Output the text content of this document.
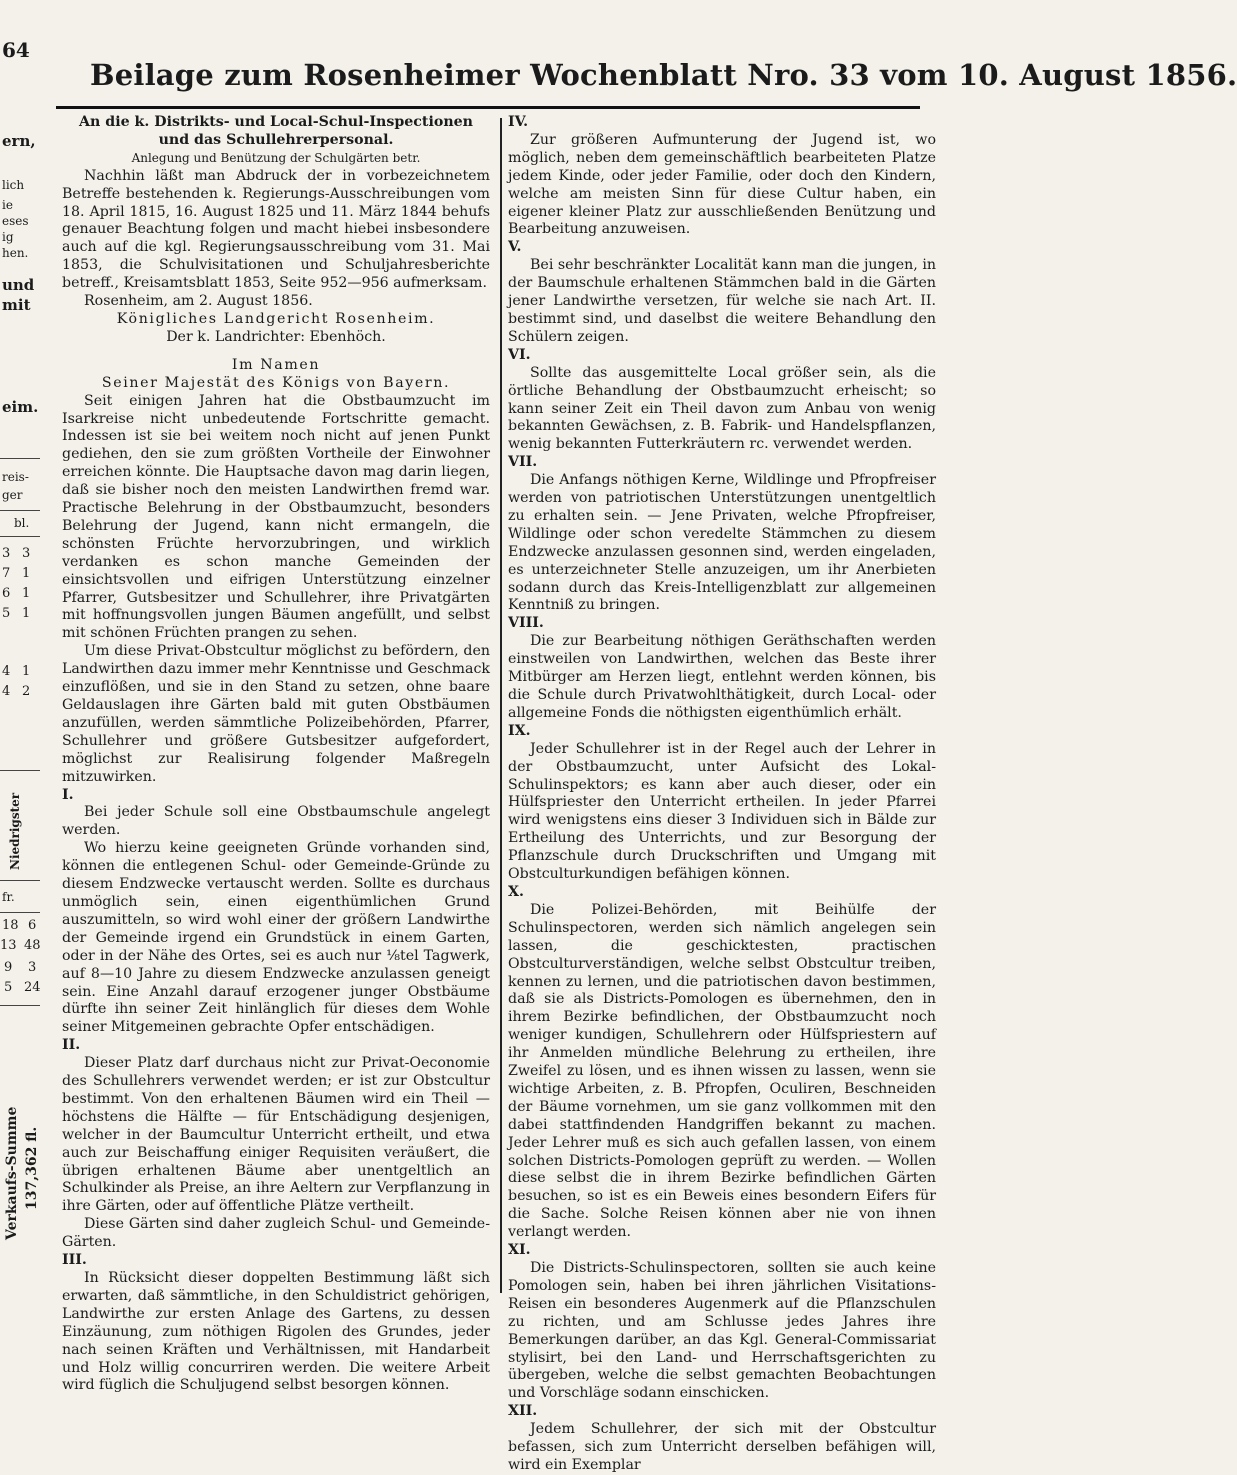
64
ern,
lich
ie
eses
ig
hen.
und
mit
eim.
reis-
ger
bl.
3 3
7 1
6 1
5 1
4 1
4 2
Niedrigster
fr.
18 6
13 48
9 3
5 24
Verkaufs-Summe 137,362 fl.
Beilage zum Rosenheimer Wochenblatt Nro. 33 vom 10. August 1856.

An die k. Distrikts- und Local-Schul-Inspectionen und das Schullehrerpersonal.

Anlegung und Benützung der Schulgärten betr.

Nachhin läßt man Abdruck der in vorbezeichnetem Betreffe bestehenden k. Regierungs-Ausschreibungen vom 18. April 1815, 16. August 1825 und 11. März 1844 behufs genauer Beachtung folgen und macht hiebei insbesondere auch auf die kgl. Regierungsausschreibung vom 31. Mai 1853, die Schulvisitationen und Schuljahresberichte betreff., Kreisamtsblatt 1853, Seite 952—956 aufmerksam.

Rosenheim, am 2. August 1856.

Königliches Landgericht Rosenheim.

Der k. Landrichter: Ebenhöch.

Im Namen

Seiner Majestät des Königs von Bayern.

Seit einigen Jahren hat die Obstbaumzucht im Isarkreise nicht unbedeutende Fortschritte gemacht. Indessen ist sie bei weitem noch nicht auf jenen Punkt gediehen, den sie zum größten Vortheile der Einwohner erreichen könnte. Die Hauptsache davon mag darin liegen, daß sie bisher noch den meisten Landwirthen fremd war. Practische Belehrung in der Obstbaumzucht, besonders Belehrung der Jugend, kann nicht ermangeln, die schönsten Früchte hervorzubringen, und wirklich verdanken es schon manche Gemeinden der einsichtsvollen und eifrigen Unterstützung einzelner Pfarrer, Gutsbesitzer und Schullehrer, ihre Privatgärten mit hoffnungsvollen jungen Bäumen angefüllt, und selbst mit schönen Früchten prangen zu sehen.

Um diese Privat-Obstcultur möglichst zu befördern, den Landwirthen dazu immer mehr Kenntnisse und Geschmack einzuflößen, und sie in den Stand zu setzen, ohne baare Geldauslagen ihre Gärten bald mit guten Obstbäumen anzufüllen, werden sämmtliche Polizeibehörden, Pfarrer, Schullehrer und größere Gutsbesitzer aufgefordert, möglichst zur Realisirung folgender Maßregeln mitzuwirken.

I.

Bei jeder Schule soll eine Obstbaumschule angelegt werden.

Wo hierzu keine geeigneten Gründe vorhanden sind, können die entlegenen Schul- oder Gemeinde-Gründe zu diesem Endzwecke vertauscht werden. Sollte es durchaus unmöglich sein, einen eigenthümlichen Grund auszumitteln, so wird wohl einer der größern Landwirthe der Gemeinde irgend ein Grundstück in einem Garten, oder in der Nähe des Ortes, sei es auch nur ⅛tel Tagwerk, auf 8—10 Jahre zu diesem Endzwecke anzulassen geneigt sein. Eine Anzahl darauf erzogener junger Obstbäume dürfte ihn seiner Zeit hinlänglich für dieses dem Wohle seiner Mitgemeinen gebrachte Opfer entschädigen.

II.

Dieser Platz darf durchaus nicht zur Privat-Oeconomie des Schullehrers verwendet werden; er ist zur Obstcultur bestimmt. Von den erhaltenen Bäumen wird ein Theil — höchstens die Hälfte — für Entschädigung desjenigen, welcher in der Baumcultur Unterricht ertheilt, und etwa auch zur Beischaffung einiger Requisiten veräußert, die übrigen erhaltenen Bäume aber unentgeltlich an Schulkinder als Preise, an ihre Aeltern zur Verpflanzung in ihre Gärten, oder auf öffentliche Plätze vertheilt.

Diese Gärten sind daher zugleich Schul- und Gemeinde-Gärten.

III.

In Rücksicht dieser doppelten Bestimmung läßt sich erwarten, daß sämmtliche, in den Schuldistrict gehörigen, Landwirthe zur ersten Anlage des Gartens, zu dessen Einzäunung, zum nöthigen Rigolen des Grundes, jeder nach seinen Kräften und Verhältnissen, mit Handarbeit und Holz willig concurriren werden. Die weitere Arbeit wird füglich die Schuljugend selbst besorgen können.

IV.

Zur größeren Aufmunterung der Jugend ist, wo möglich, neben dem gemeinschäftlich bearbeiteten Platze jedem Kinde, oder jeder Familie, oder doch den Kindern, welche am meisten Sinn für diese Cultur haben, ein eigener kleiner Platz zur ausschließenden Benützung und Bearbeitung anzuweisen.

V.

Bei sehr beschränkter Localität kann man die jungen, in der Baumschule erhaltenen Stämmchen bald in die Gärten jener Landwirthe versetzen, für welche sie nach Art. II. bestimmt sind, und daselbst die weitere Behandlung den Schülern zeigen.

VI.

Sollte das ausgemittelte Local größer sein, als die örtliche Behandlung der Obstbaumzucht erheischt; so kann seiner Zeit ein Theil davon zum Anbau von wenig bekannten Gewächsen, z. B. Fabrik- und Handelspflanzen, wenig bekannten Futterkräutern rc. verwendet werden.

VII.

Die Anfangs nöthigen Kerne, Wildlinge und Pfropfreiser werden von patriotischen Unterstützungen unentgeltlich zu erhalten sein. — Jene Privaten, welche Pfropfreiser, Wildlinge oder schon veredelte Stämmchen zu diesem Endzwecke anzulassen gesonnen sind, werden eingeladen, es unterzeichneter Stelle anzuzeigen, um ihr Anerbieten sodann durch das Kreis-Intelligenzblatt zur allgemeinen Kenntniß zu bringen.

VIII.

Die zur Bearbeitung nöthigen Geräthschaften werden einstweilen von Landwirthen, welchen das Beste ihrer Mitbürger am Herzen liegt, entlehnt werden können, bis die Schule durch Privatwohlthätigkeit, durch Local- oder allgemeine Fonds die nöthigsten eigenthümlich erhält.

IX.

Jeder Schullehrer ist in der Regel auch der Lehrer in der Obstbaumzucht, unter Aufsicht des Lokal-Schulinspektors; es kann aber auch dieser, oder ein Hülfspriester den Unterricht ertheilen. In jeder Pfarrei wird wenigstens eins dieser 3 Individuen sich in Bälde zur Ertheilung des Unterrichts, und zur Besorgung der Pflanzschule durch Druckschriften und Umgang mit Obstculturkundigen befähigen können.

X.

Die Polizei-Behörden, mit Beihülfe der Schulinspectoren, werden sich nämlich angelegen sein lassen, die geschicktesten, practischen Obstculturverständigen, welche selbst Obstcultur treiben, kennen zu lernen, und die patriotischen davon bestimmen, daß sie als Districts-Pomologen es übernehmen, den in ihrem Bezirke befindlichen, der Obstbaumzucht noch weniger kundigen, Schullehrern oder Hülfspriestern auf ihr Anmelden mündliche Belehrung zu ertheilen, ihre Zweifel zu lösen, und es ihnen wissen zu lassen, wenn sie wichtige Arbeiten, z. B. Pfropfen, Oculiren, Beschneiden der Bäume vornehmen, um sie ganz vollkommen mit den dabei stattfindenden Handgriffen bekannt zu machen. Jeder Lehrer muß es sich auch gefallen lassen, von einem solchen Districts-Pomologen geprüft zu werden. — Wollen diese selbst die in ihrem Bezirke befindlichen Gärten besuchen, so ist es ein Beweis eines besondern Eifers für die Sache. Solche Reisen können aber nie von ihnen verlangt werden.

XI.

Die Districts-Schulinspectoren, sollten sie auch keine Pomologen sein, haben bei ihren jährlichen Visitations-Reisen ein besonderes Augenmerk auf die Pflanzschulen zu richten, und am Schlusse jedes Jahres ihre Bemerkungen darüber, an das Kgl. General-Commissariat stylisirt, bei den Land- und Herrschaftsgerichten zu übergeben, welche die selbst gemachten Beobachtungen und Vorschläge sodann einschicken.

XII.

Jedem Schullehrer, der sich mit der Obstcultur befassen, sich zum Unterricht derselben befähigen will, wird ein Exemplar
